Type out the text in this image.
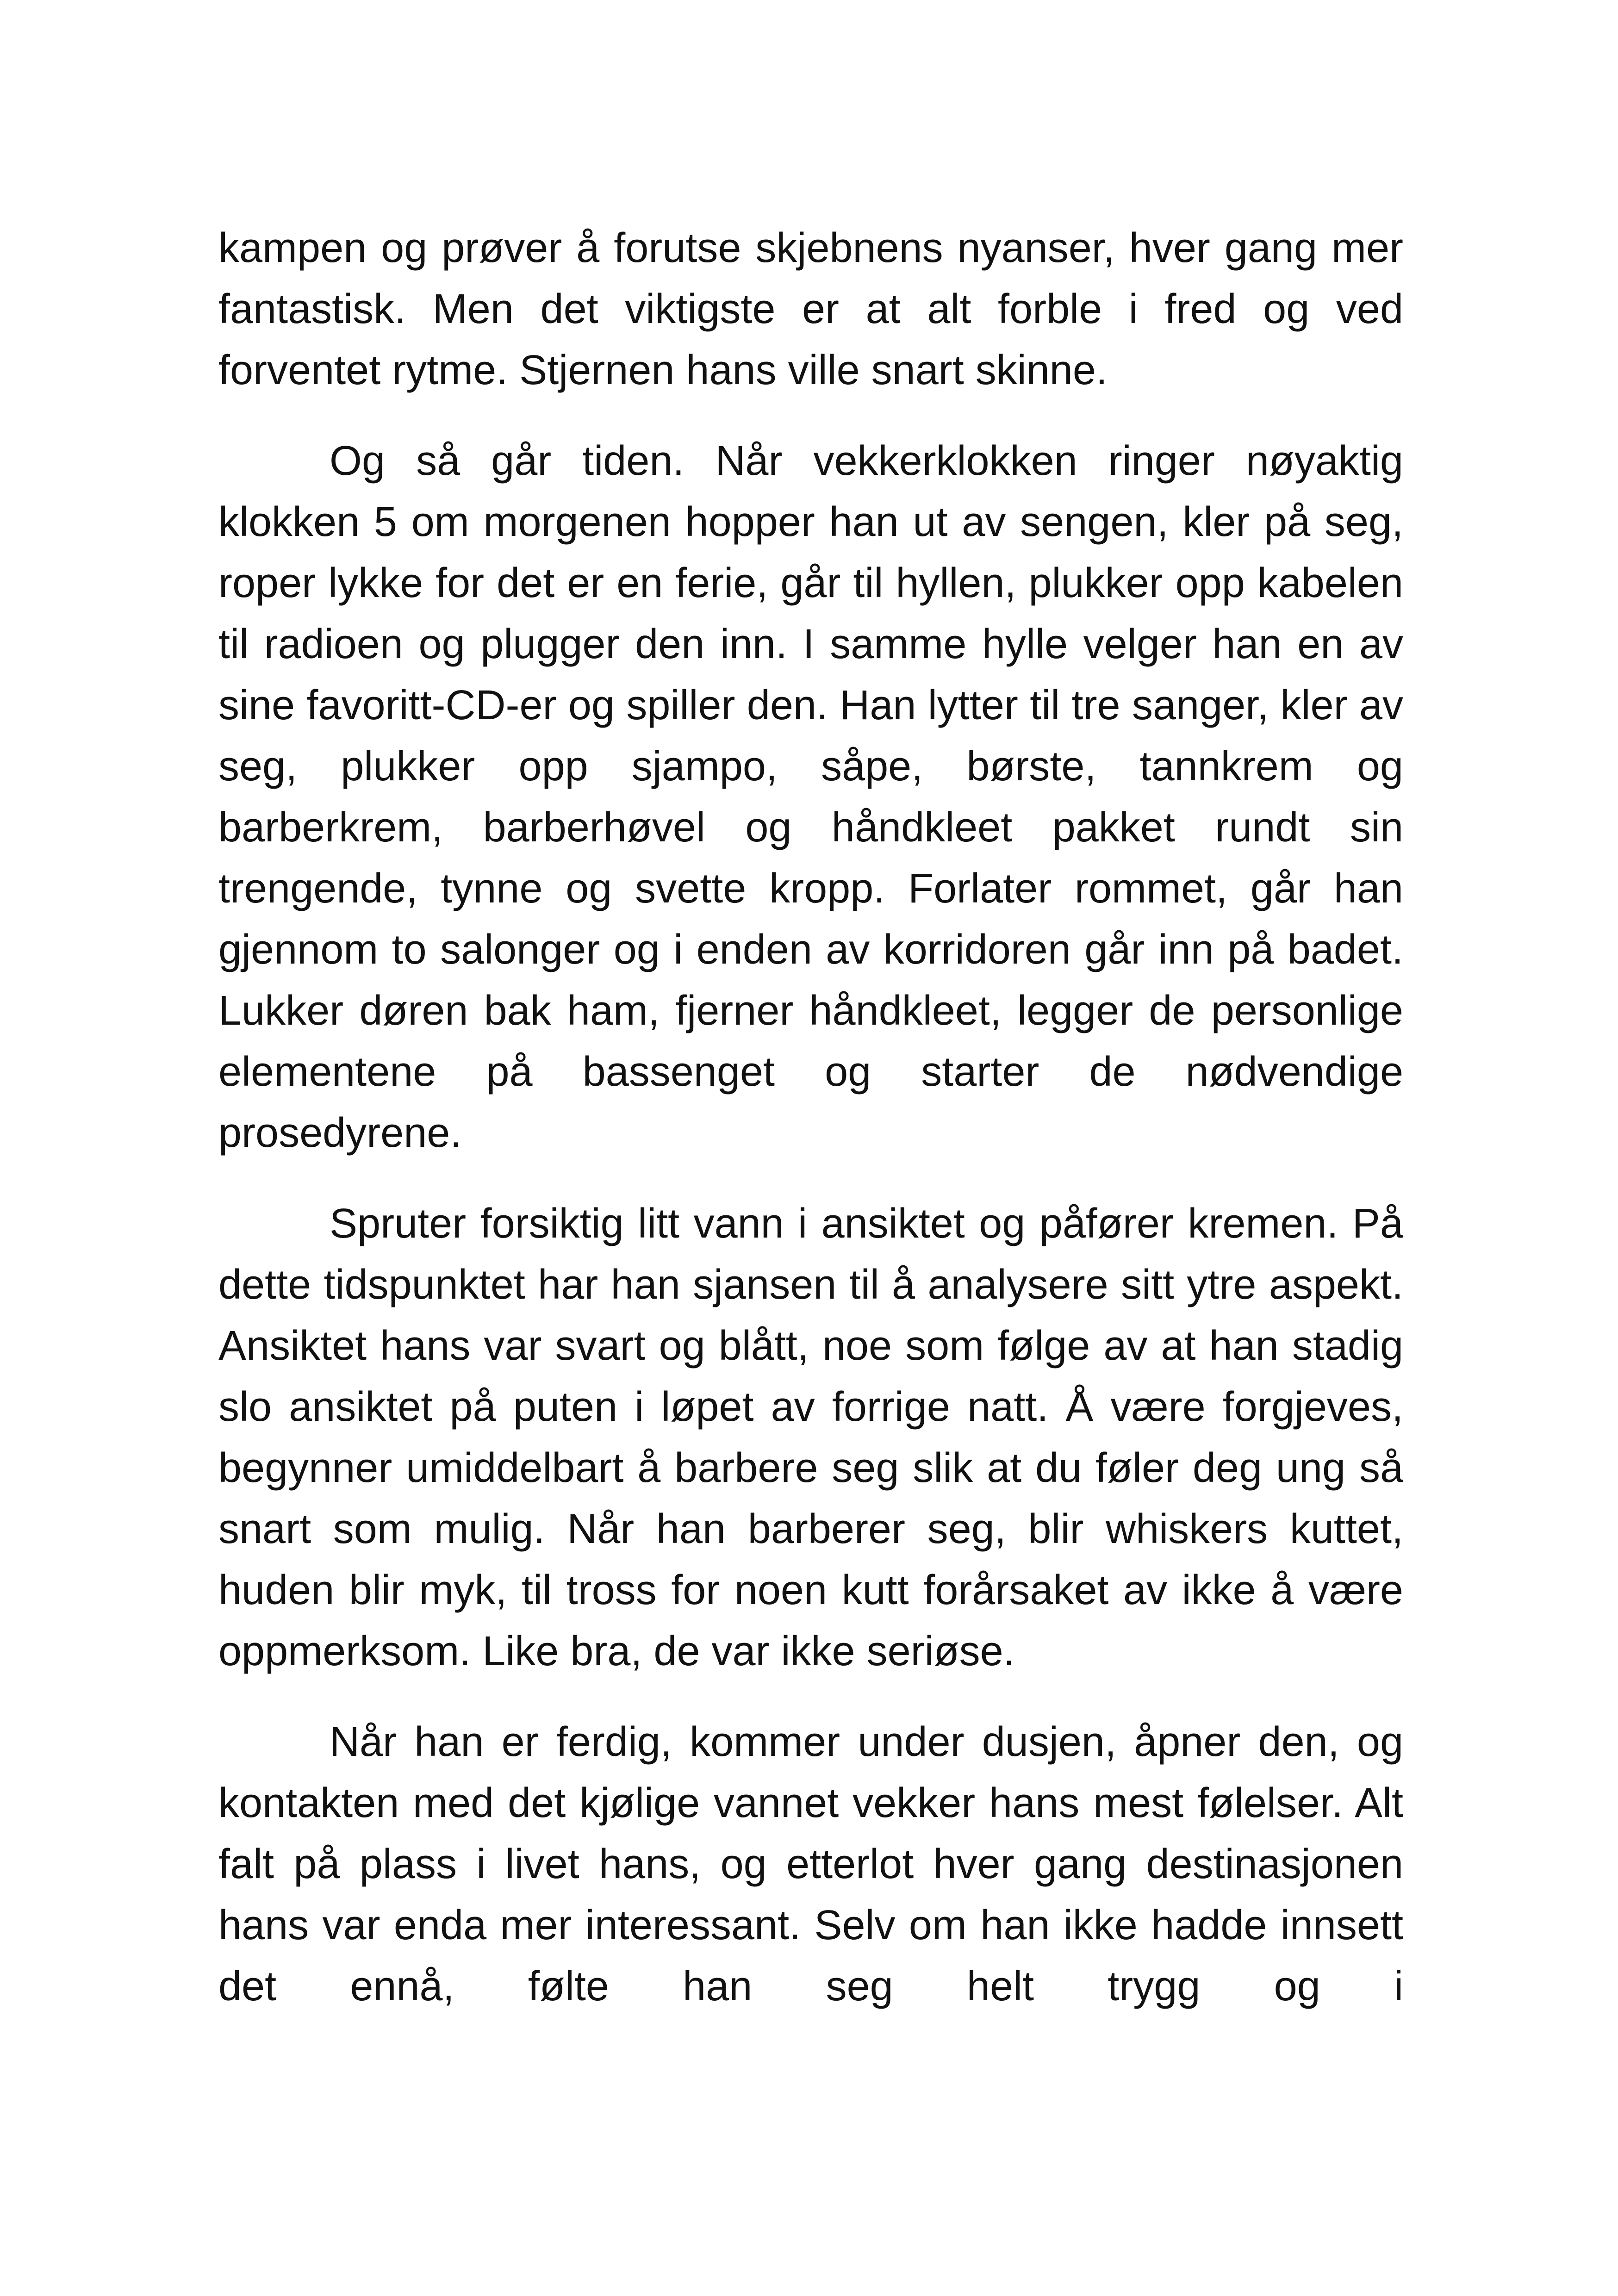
kampen og prøver å forutse skjebnens nyanser, hver gang mer fantastisk. Men det viktigste er at alt forble i fred og ved forventet rytme. Stjernen hans ville snart skinne.

Og så går tiden. Når vekkerklokken ringer nøyaktig klokken 5 om morgenen hopper han ut av sengen, kler på seg, roper lykke for det er en ferie, går til hyllen, plukker opp kabelen til radioen og plugger den inn. I samme hylle velger han en av sine favoritt-CD-er og spiller den. Han lytter til tre sanger, kler av seg, plukker opp sjampo, såpe, børste, tannkrem og barberkrem, barberhøvel og håndkleet pakket rundt sin trengende, tynne og svette kropp. Forlater rommet, går han gjennom to salonger og i enden av korridoren går inn på badet. Lukker døren bak ham, fjerner håndkleet, legger de personlige elementene på bassenget og starter de nødvendige prosedyrene.

Spruter forsiktig litt vann i ansiktet og påfører kremen. På dette tidspunktet har han sjansen til å analysere sitt ytre aspekt. Ansiktet hans var svart og blått, noe som følge av at han stadig slo ansiktet på puten i løpet av forrige natt. Å være forgjeves, begynner umiddelbart å barbere seg slik at du føler deg ung så snart som mulig. Når han barberer seg, blir whiskers kuttet, huden blir myk, til tross for noen kutt forårsaket av ikke å være oppmerksom. Like bra, de var ikke seriøse.

Når han er ferdig, kommer under dusjen, åpner den, og kontakten med det kjølige vannet vekker hans mest følelser. Alt falt på plass i livet hans, og etterlot hver gang destinasjonen hans var enda mer interessant. Selv om han ikke hadde innsett det ennå, følte han seg helt trygg og i
